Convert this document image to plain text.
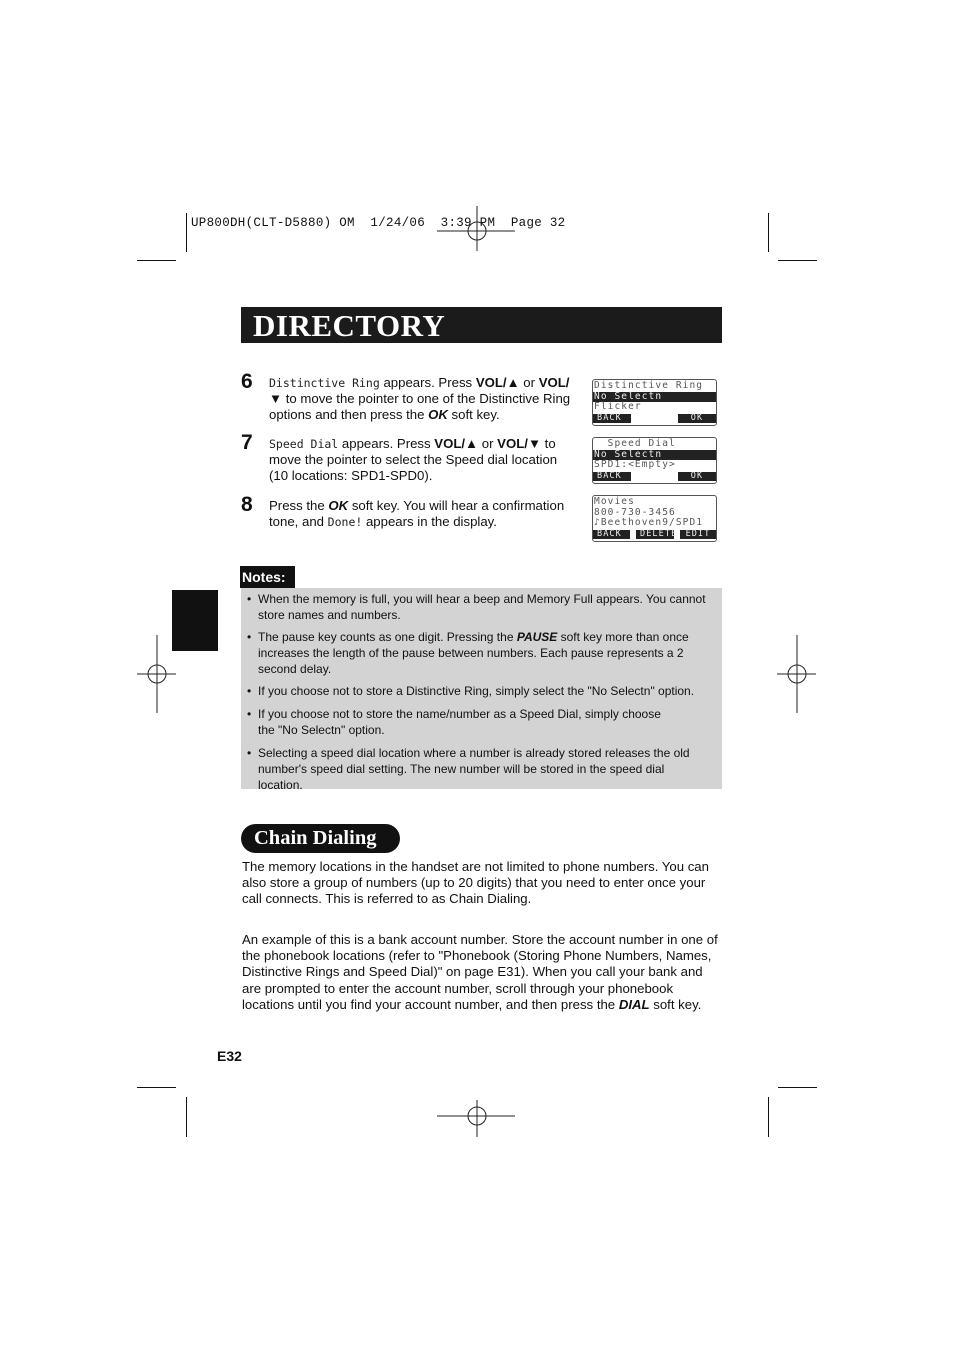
UP800DH(CLT-D5880) OM  1/24/06  3:39 PM  Page 32
DIRECTORY
6 Distinctive Ring appears. Press VOL/▲ or VOL/▼ to move the pointer to one of the Distinctive Ring options and then press the OK soft key.
7 Speed Dial appears. Press VOL/▲ or VOL/▼ to move the pointer to select the Speed dial location (10 locations: SPD1-SPD0).
8 Press the OK soft key. You will hear a confirmation tone, and Done! appears in the display.
Distinctive Ring
No Selectn
Flicker
BACK	OK
Speed Dial
No Selectn
SPD1:<Empty>
BACK	OK
Movies
800-730-3456
♪Beethoven9/SPD1
BACK	DELETE EDIT
Notes:
• When the memory is full, you will hear a beep and Memory Full appears. You cannot store names and numbers.
• The pause key counts as one digit. Pressing the PAUSE soft key more than once increases the length of the pause between numbers. Each pause represents a 2 second delay.
• If you choose not to store a Distinctive Ring, simply select the "No Selectn" option.
• If you choose not to store the name/number as a Speed Dial, simply choose the "No Selectn" option.
• Selecting a speed dial location where a number is already stored releases the old number's speed dial setting. The new number will be stored in the speed dial location.
Chain Dialing
The memory locations in the handset are not limited to phone numbers. You can also store a group of numbers (up to 20 digits) that you need to enter once your call connects. This is referred to as Chain Dialing.
An example of this is a bank account number. Store the account number in one of the phonebook locations (refer to "Phonebook (Storing Phone Numbers, Names, Distinctive Rings and Speed Dial)" on page E31). When you call your bank and are prompted to enter the account number, scroll through your phonebook locations until you find your account number, and then press the DIAL soft key.
E32
